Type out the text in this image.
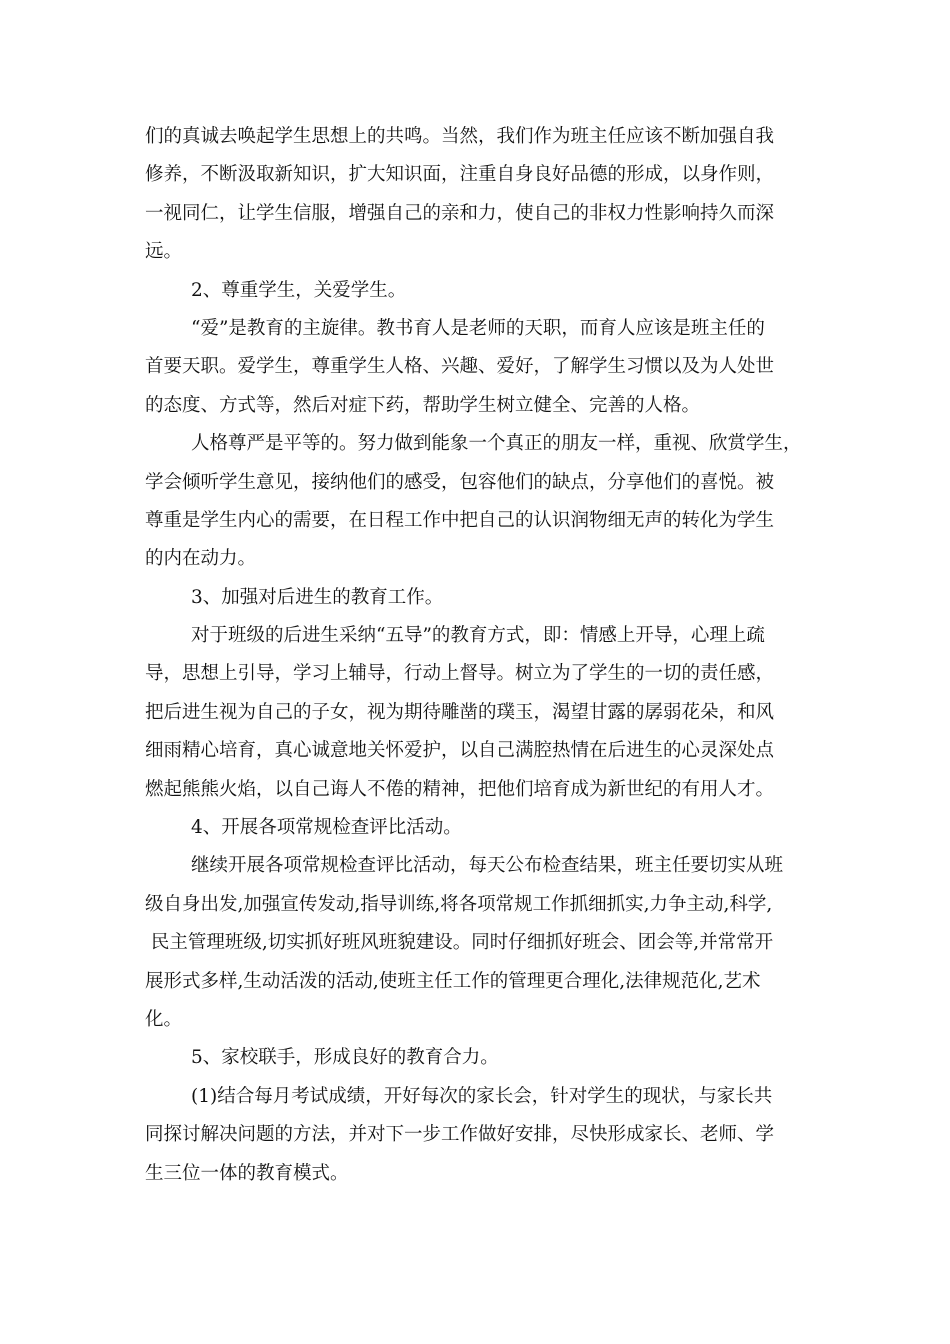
们的真诚去唤起学生思想上的共鸣。当然，我们作为班主任应该不断加强自我
修养，不断汲取新知识，扩大知识面，注重自身良好品德的形成，以身作则，
一视同仁，让学生信服，增强自己的亲和力，使自己的非权力性影响持久而深
远。
2、尊重学生，关爱学生。
“爱”是教育的主旋律。教书育人是老师的天职，而育人应该是班主任的
首要天职。爱学生，尊重学生人格、兴趣、爱好，了解学生习惯以及为人处世
的态度、方式等，然后对症下药，帮助学生树立健全、完善的人格。
人格尊严是平等的。努力做到能象一个真正的朋友一样，重视、欣赏学生，
学会倾听学生意见，接纳他们的感受，包容他们的缺点，分享他们的喜悦。被
尊重是学生内心的需要，在日程工作中把自己的认识润物细无声的转化为学生
的内在动力。
3、加强对后进生的教育工作。
对于班级的后进生采纳“五导”的教育方式，即：情感上开导，心理上疏
导，思想上引导，学习上辅导，行动上督导。树立为了学生的一切的责任感，
把后进生视为自己的子女，视为期待雕凿的璞玉，渴望甘露的孱弱花朵，和风
细雨精心培育，真心诚意地关怀爱护，以自己满腔热情在后进生的心灵深处点
燃起熊熊火焰，以自己诲人不倦的精神，把他们培育成为新世纪的有用人才。
4、开展各项常规检查评比活动。
继续开展各项常规检查评比活动，每天公布检查结果，班主任要切实从班
级自身出发,加强宣传发动,指导训练,将各项常规工作抓细抓实,力争主动,科学,
民主管理班级,切实抓好班风班貌建设。同时仔细抓好班会、团会等,并常常开
展形式多样,生动活泼的活动,使班主任工作的管理更合理化,法律规范化,艺术
化。
5、家校联手，形成良好的教育合力。
(1)结合每月考试成绩，开好每次的家长会，针对学生的现状，与家长共
同探讨解决问题的方法，并对下一步工作做好安排，尽快形成家长、老师、学
生三位一体的教育模式。
